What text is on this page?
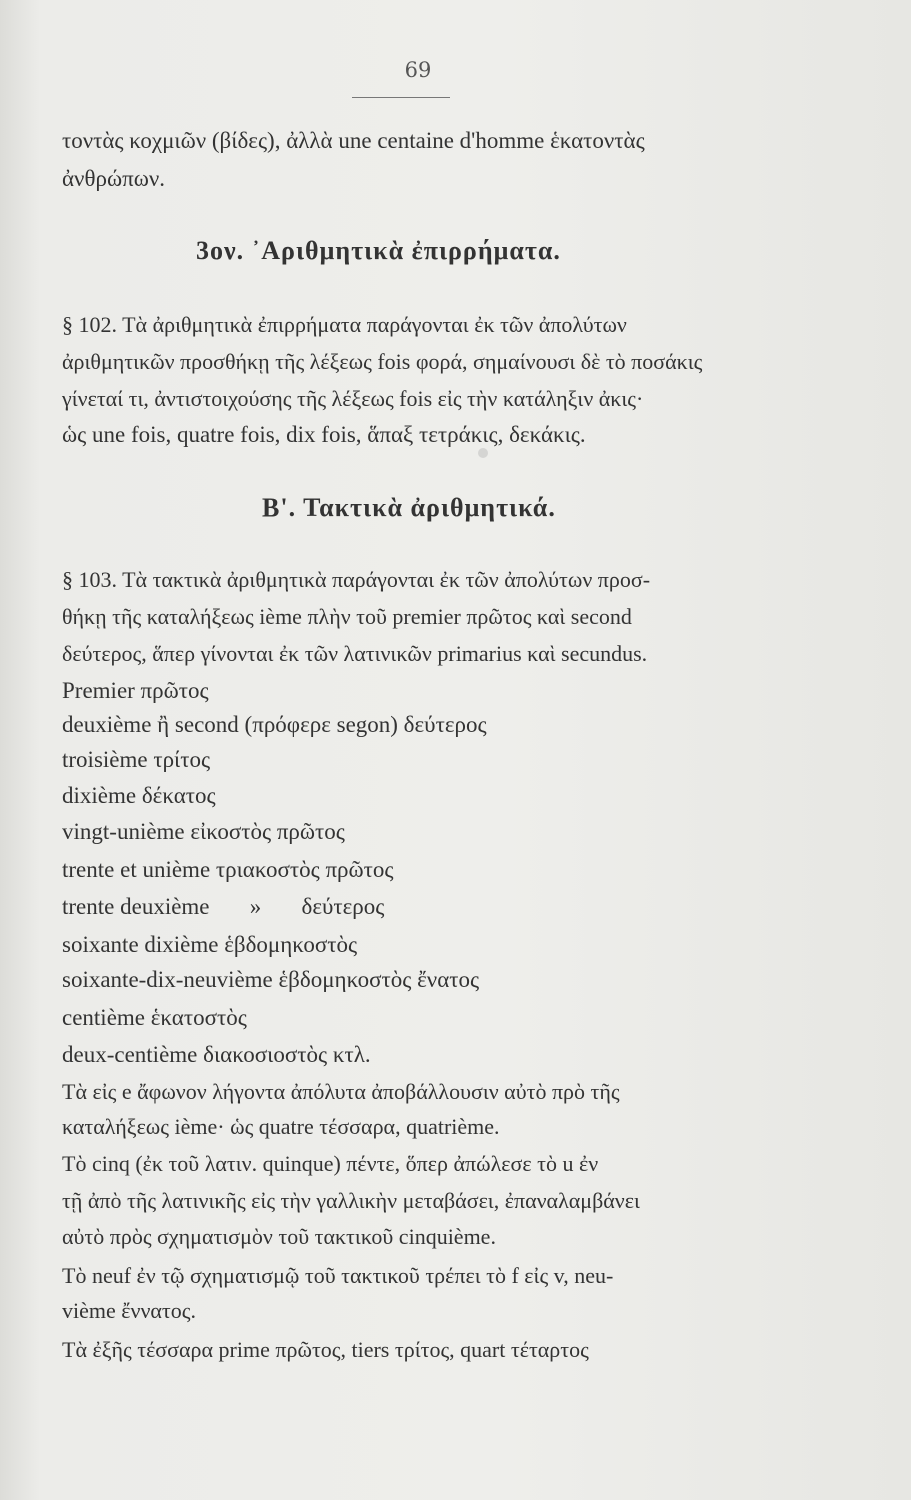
69
τοντὰς κοχμιῶν (βίδες), ἀλλὰ une centaine d'homme ἑκατοντὰς
ἀνθρώπων.
3ον. ᾿Αριθμητικὰ ἐπιρρήματα.
§ 102. Τὰ ἀριθμητικὰ ἐπιρρήματα παράγονται ἐκ τῶν ἀπολύτων
ἀριθμητικῶν προσθήκῃ τῆς λέξεως fois φορά, σημαίνουσι δὲ τὸ ποσάκις
γίνεταί τι, ἀντιστοιχούσης τῆς λέξεως fois εἰς τὴν κατάληξιν ἀκις·
ὡς une fois, quatre fois, dix fois, ἅπαξ τετράκις, δεκάκις.
Β'. Τακτικὰ ἀριθμητικά.
§ 103. Τὰ τακτικὰ ἀριθμητικὰ παράγονται ἐκ τῶν ἀπολύτων προσ-
θήκῃ τῆς καταλήξεως ième πλὴν τοῦ premier πρῶτος καὶ second
δεύτερος, ἅπερ γίνονται ἐκ τῶν λατινικῶν primarius καὶ secundus.
Premier πρῶτος
deuxième ἢ second (πρόφερε segon) δεύτερος
troisième τρίτος
dixième δέκατος
vingt-unième εἰκοστὸς πρῶτος
trente et unième τριακοστὸς πρῶτος
trente deuxième       »       δεύτερος
soixante dixième ἑβδομηκοστὸς
soixante-dix-neuvième ἑβδομηκοστὸς ἔνατος
centième ἑκατοστὸς
deux-centième διακοσιοστὸς κτλ.
Τὰ εἰς e ἄφωνον λήγοντα ἀπόλυτα ἀποβάλλουσιν αὐτὸ πρὸ τῆς
καταλήξεως ième· ὡς quatre τέσσαρα, quatrième.
Τὸ cinq (ἐκ τοῦ λατιν. quinque) πέντε, ὅπερ ἀπώλεσε τὸ u ἐν
τῇ ἀπὸ τῆς λατινικῆς εἰς τὴν γαλλικὴν μεταβάσει, ἐπαναλαμβάνει
αὐτὸ πρὸς σχηματισμὸν τοῦ τακτικοῦ cinquième.
Τὸ neuf ἐν τῷ σχηματισμῷ τοῦ τακτικοῦ τρέπει τὸ f εἰς v, neu-
vième ἔννατος.
Τὰ ἐξῆς τέσσαρα prime πρῶτος, tiers τρίτος, quart τέταρτος
